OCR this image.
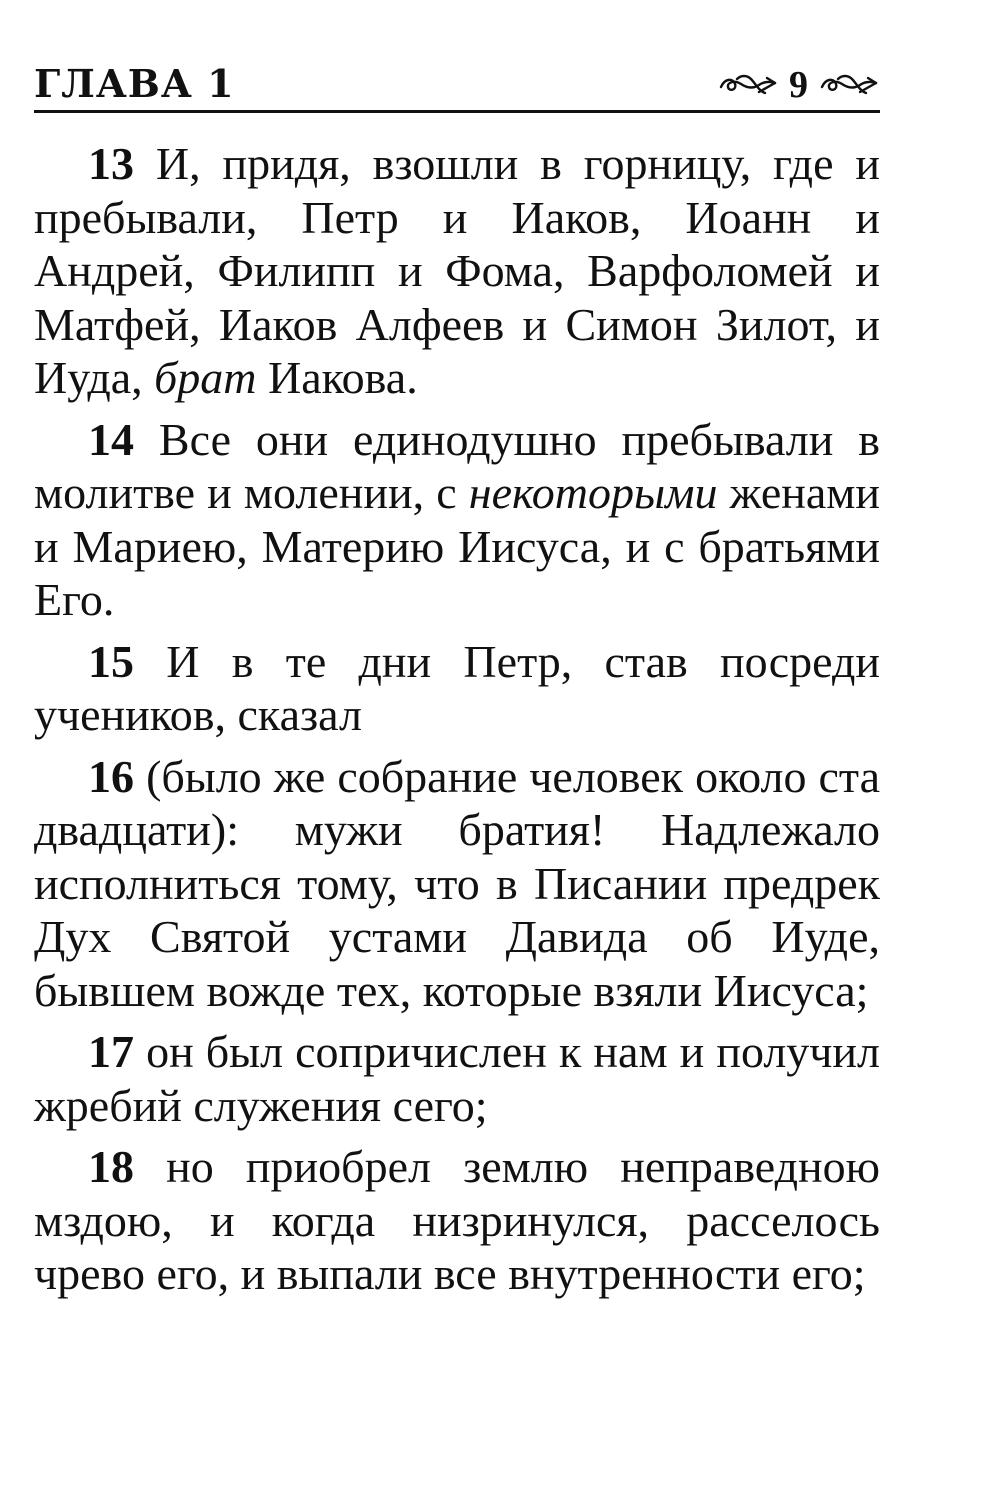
ГЛАВА 1	9

13 И, придя, взошли в горницу, где и пребывали, Петр и Иаков, Иоанн и Андрей, Филипп и Фома, Варфоломей и Матфей, Иаков Алфеев и Симон Зилот, и Иуда, брат Иакова.

14 Все они единодушно пребывали в молитве и молении, с некоторыми женами и Мариею, Материю Иисуса, и с братьями Его.

15 И в те дни Петр, став посреди учеников, сказал

16 (было же собрание человек около ста двадцати): мужи братия! Надлежало исполниться тому, что в Писании предрек Дух Святой устами Давида об Иуде, бывшем вожде тех, которые взяли Иисуса;

17 он был сопричислен к нам и получил жребий служения сего;

18 но приобрел землю неправедною мздою, и когда низринулся, расселось чрево его, и выпали все внутренности его;
